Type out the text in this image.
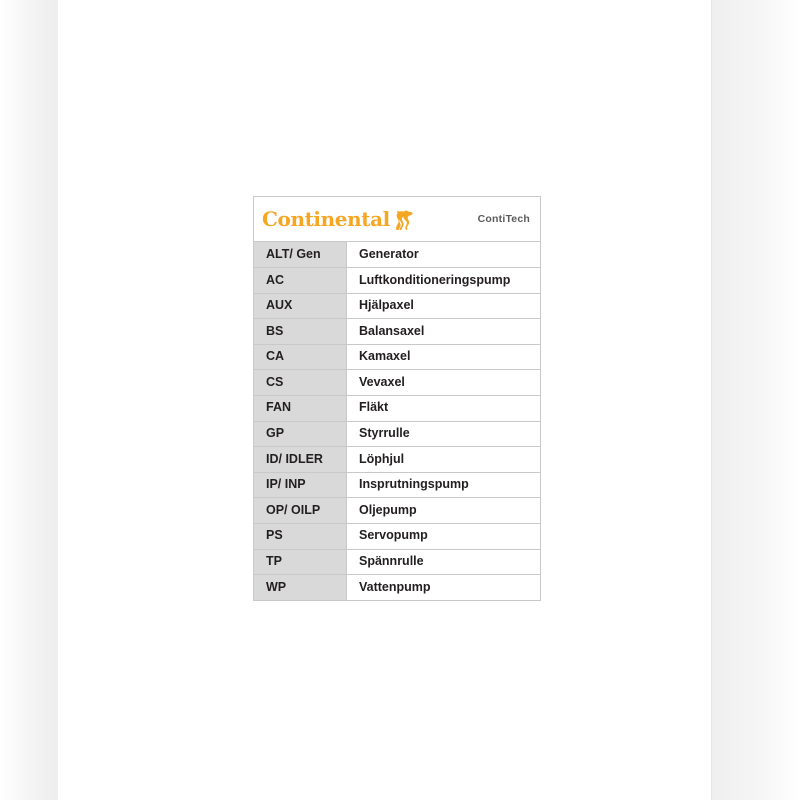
Continental	ContiTech
ALT/ Gen	Generator
AC	Luftkonditioneringspump
AUX	Hjälpaxel
BS	Balansaxel
CA	Kamaxel
CS	Vevaxel
FAN	Fläkt
GP	Styrrulle
ID/ IDLER	Löphjul
IP/ INP	Insprutningspump
OP/ OILP	Oljepump
PS	Servopump
TP	Spännrulle
WP	Vattenpump
